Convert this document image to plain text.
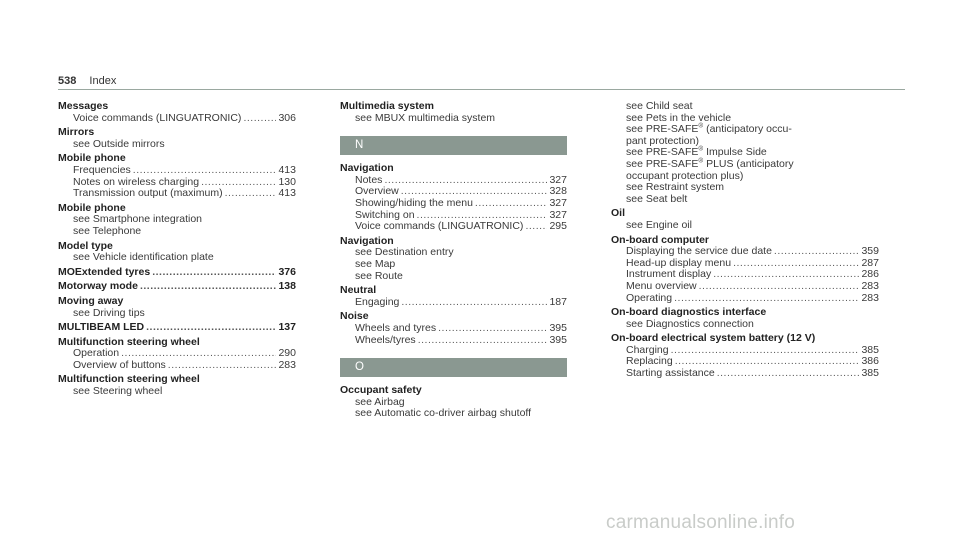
538 Index
Messages
Voice commands (LINGUATRONIC) .....	306
Mirrors
see Outside mirrors
Mobile phone
Frequencies .....	413
Notes on wireless charging .....	130
Transmission output (maximum) .....	413
Mobile phone
see Smartphone integration
see Telephone
Model type
see Vehicle identification plate
MOExtended tyres .....	376
Motorway mode .....	138
Moving away
see Driving tips
MULTIBEAM LED .....	137
Multifunction steering wheel
Operation .....	290
Overview of buttons .....	283
Multifunction steering wheel
see Steering wheel
Multimedia system
see MBUX multimedia system
N
Navigation
Notes .....	327
Overview .....	328
Showing/hiding the menu .....	327
Switching on .....	327
Voice commands (LINGUATRONIC) ..... 295
Navigation
see Destination entry
see Map
see Route
Neutral
Engaging .....	187
Noise
Wheels and tyres .....	395
Wheels/tyres .....	395
O
Occupant safety
see Airbag
see Automatic co-driver airbag shutoff
see Child seat
see Pets in the vehicle
see PRE-SAFE® (anticipatory occu-
pant protection)
see PRE-SAFE® Impulse Side
see PRE-SAFE® PLUS (anticipatory
occupant protection plus)
see Restraint system
see Seat belt
Oil
see Engine oil
On-board computer
Displaying the service due date .....	359
Head-up display menu .....	287
Instrument display .....	286
Menu overview .....	283
Operating .....	283
On-board diagnostics interface
see Diagnostics connection
On-board electrical system battery (12 V)
Charging .....	385
Replacing .....	386
Starting assistance .....	385
carmanualsonline.info
